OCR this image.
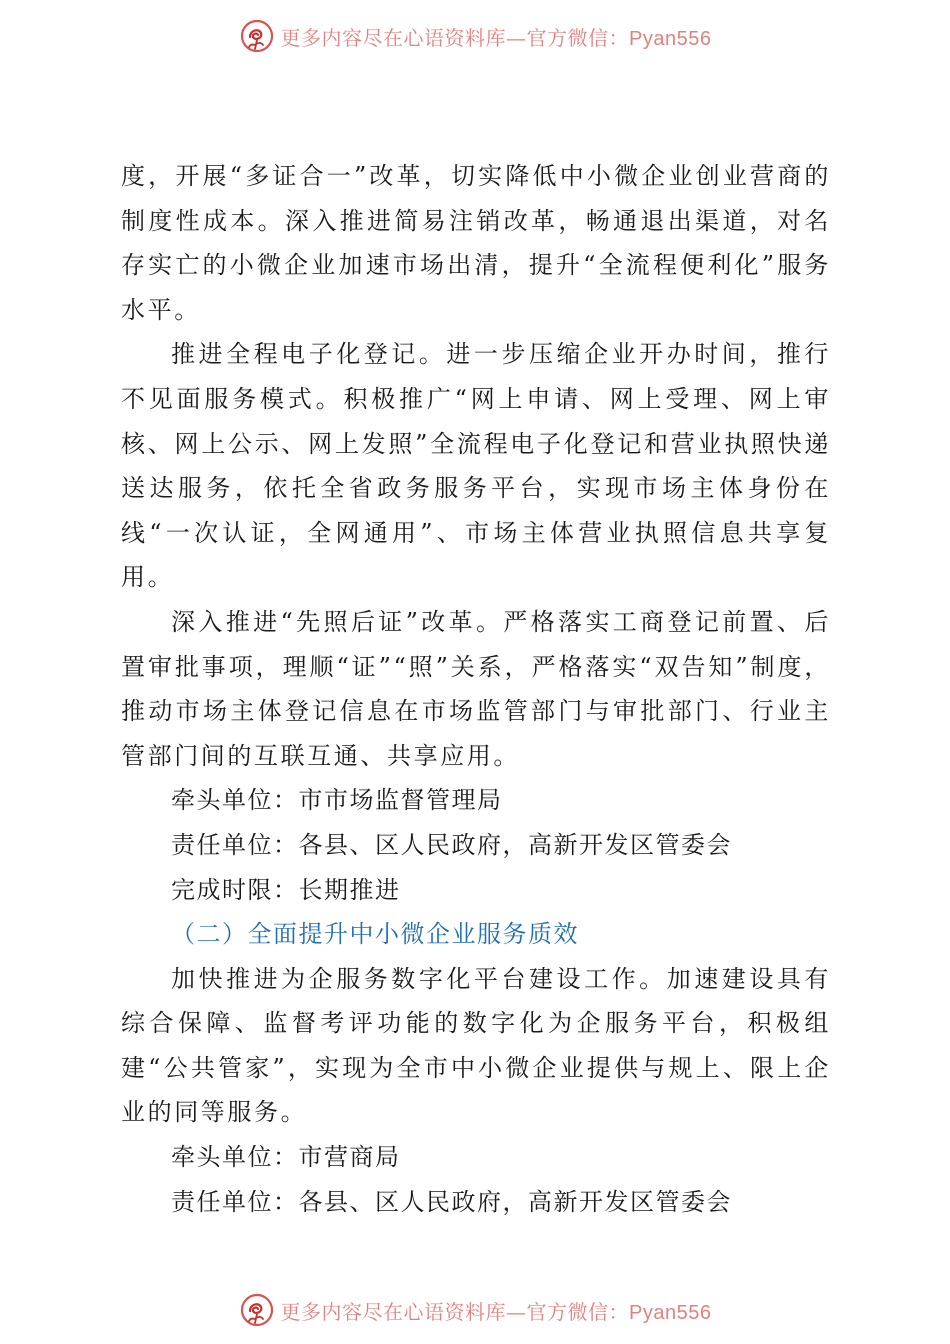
更多内容尽在心语资料库—官方微信：Pyan556

度，开展“多证合一”改革，切实降低中小微企业创业营商的制度性成本。深入推进简易注销改革，畅通退出渠道，对名存实亡的小微企业加速市场出清，提升“全流程便利化”服务水平。

推进全程电子化登记。进一步压缩企业开办时间，推行不见面服务模式。积极推广“网上申请、网上受理、网上审核、网上公示、网上发照”全流程电子化登记和营业执照快递送达服务，依托全省政务服务平台，实现市场主体身份在线“一次认证，全网通用”、市场主体营业执照信息共享复用。

深入推进“先照后证”改革。严格落实工商登记前置、后置审批事项，理顺“证”“照”关系，严格落实“双告知”制度，推动市场主体登记信息在市场监管部门与审批部门、行业主管部门间的互联互通、共享应用。

牵头单位：市市场监督管理局

责任单位：各县、区人民政府，高新开发区管委会

完成时限：长期推进

（二）全面提升中小微企业服务质效

加快推进为企服务数字化平台建设工作。加速建设具有综合保障、监督考评功能的数字化为企服务平台，积极组建“公共管家”，实现为全市中小微企业提供与规上、限上企业的同等服务。

牵头单位：市营商局

责任单位：各县、区人民政府，高新开发区管委会

更多内容尽在心语资料库—官方微信：Pyan556
